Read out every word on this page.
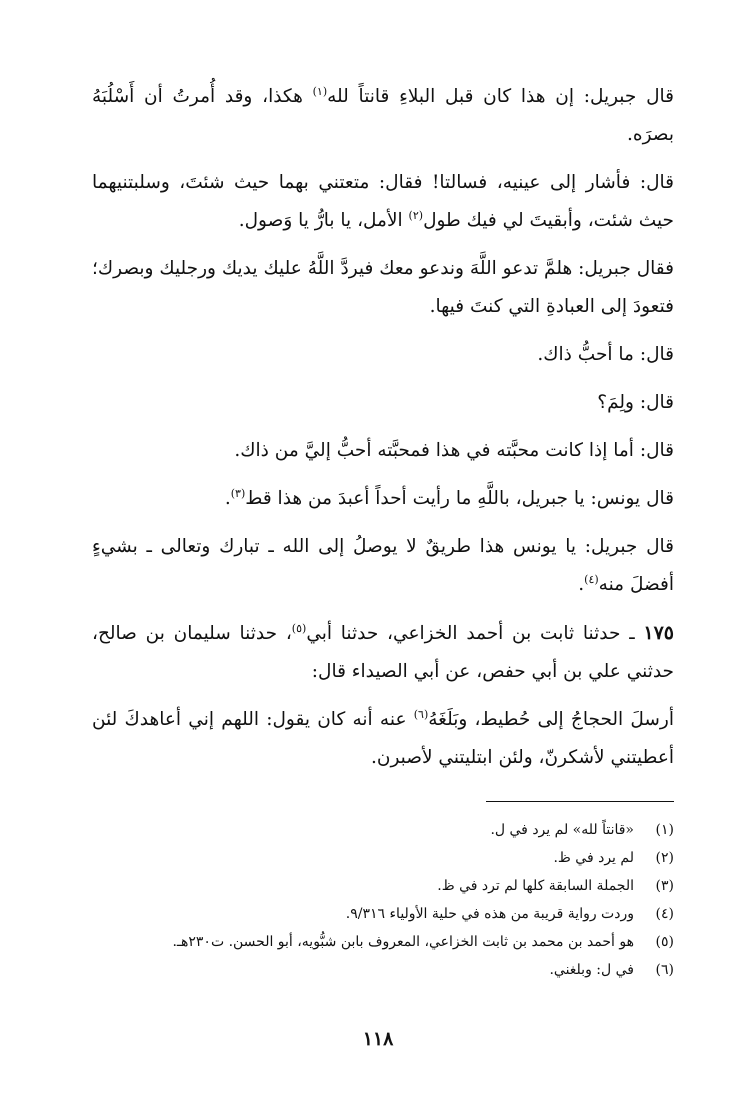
قال جبريل: إن هذا كان قبل البلاءِ قانتاً لله$^{(١)}$ هكذا، وقد أُمرتُ أن أَسْلُبَهُ بصرَه.

قال: فأشار إلى عينيه، فسالتا! فقال: متعتني بهما حيث شئتَ، وسلبتنيهما حيث شئت، وأبقيتَ لي فيك طول$^{(٢)}$ الأمل، يا بارُّ يا وَصول.

فقال جبريل: هلمَّ تدعو اللَّهَ وندعو معك فيردَّ اللَّهُ عليك يديك ورجليك وبصرك؛ فتعودَ إلى العبادةِ التي كنتَ فيها.

قال: ما أحبُّ ذاك.

قال: ولِمَ؟

قال: أما إذا كانت محبَّته في هذا فمحبَّته أحبُّ إليَّ من ذاك.

قال يونس: يا جبريل، باللَّهِ ما رأيت أحداً أعبدَ من هذا قط$^{(٣)}$.

قال جبريل: يا يونس هذا طريقٌ لا يوصلُ إلى الله ـ تبارك وتعالى ـ بشيءٍ أفضلَ منه$^{(٤)}$.

١٧٥ ـ حدثنا ثابت بن أحمد الخزاعي، حدثنا أبي$^{(٥)}$، حدثنا سليمان بن صالح، حدثني علي بن أبي حفص، عن أبي الصيداء قال:

أرسلَ الحجاجُ إلى حُطيط، وبَلَغَهُ$^{(٦)}$ عنه أنه كان يقول: اللهم إني أعاهدكَ لئن أعطيتني لأشكرنّ، ولئن ابتليتني لأصبرن.

(١)
«قانتاً لله» لم يرد في ل.
(٢)
لم يرد في ظ.
(٣)
الجملة السابقة كلها لم ترد في ظ.
(٤)
وردت رواية قريبة من هذه في حلية الأولياء ٩/٣١٦.
(٥)
هو أحمد بن محمد بن ثابت الخزاعي، المعروف بابن شبُّويه، أبو الحسن. ت٢٣٠هـ.
(٦)
في ل: وبلغني.
١١٨
